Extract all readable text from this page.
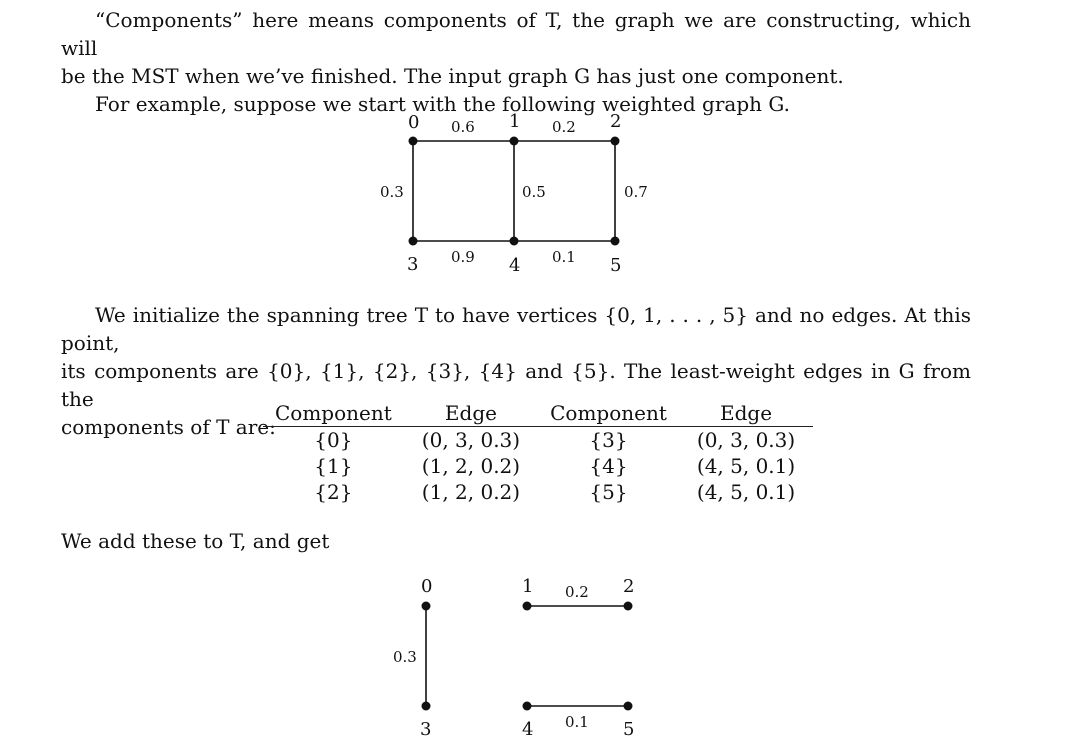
“Components” here means components of T, the graph we are constructing, which will
be the MST when we’ve finished. The input graph G has just one component.
For example, suppose we start with the following weighted graph G.
0	1	2
3	4	5
0.6	0.2
0.3	0.5	0.7
0.9	0.1
0	1	2
3	4	5
0.3
0.2
0.1
We initialize the spanning tree T to have vertices {0, 1, . . . , 5} and no edges. At this point,
its components are {0}, {1}, {2}, {3}, {4} and {5}. The least-weight edges in G from the
components of T are:
Component	Edge	Component	Edge
{0}	(0, 3, 0.3)	{3}	(0, 3, 0.3)
{1}	(1, 2, 0.2)	{4}	(4, 5, 0.1)
{2}	(1, 2, 0.2)	{5}	(4, 5, 0.1)
We add these to T, and get
